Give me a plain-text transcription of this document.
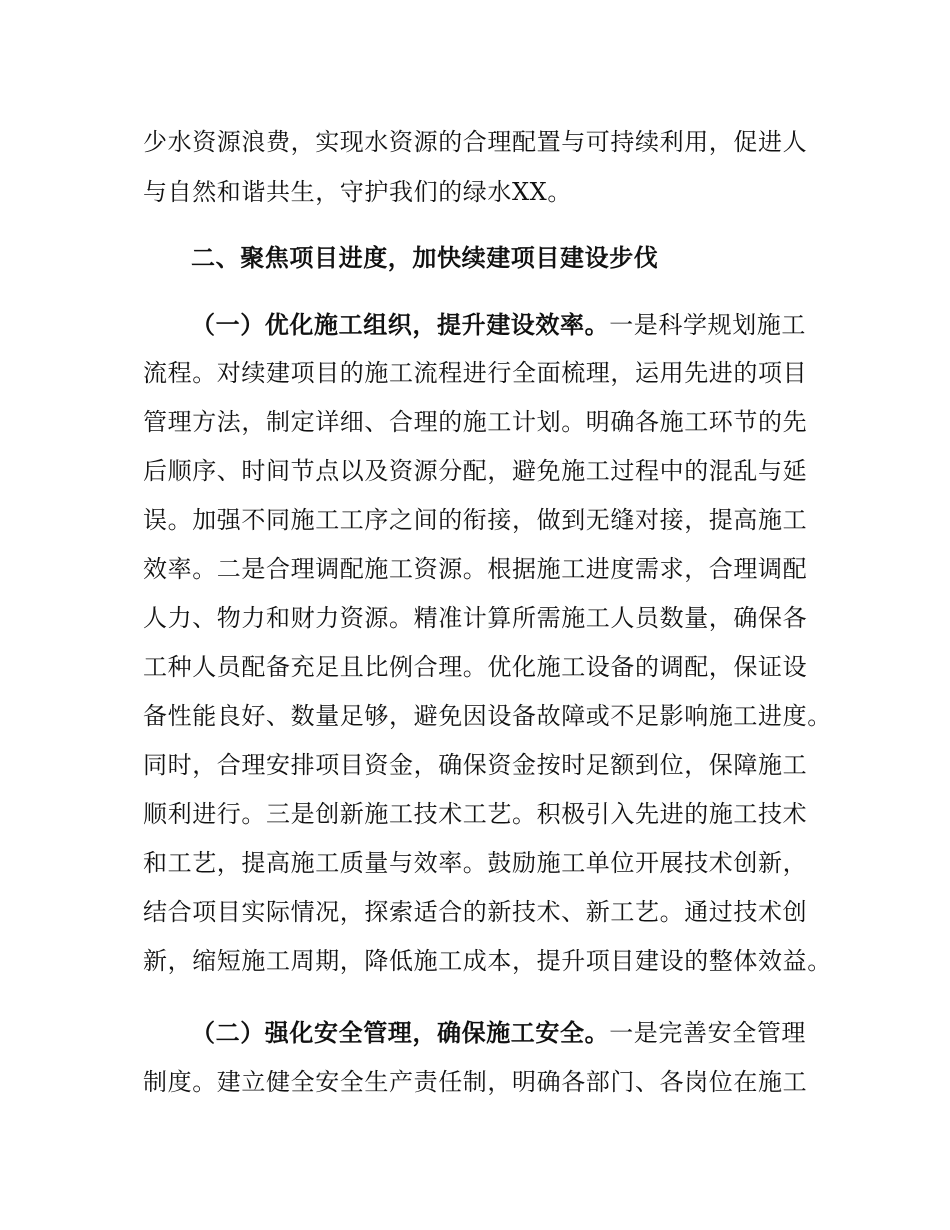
少水资源浪费，实现水资源的合理配置与可持续利用，促进人
与自然和谐共生，守护我们的绿水XX。
二、聚焦项目进度，加快续建项目建设步伐
（一）优化施工组织，提升建设效率。一是科学规划施工
流程。对续建项目的施工流程进行全面梳理，运用先进的项目
管理方法，制定详细、合理的施工计划。明确各施工环节的先
后顺序、时间节点以及资源分配，避免施工过程中的混乱与延
误。加强不同施工工序之间的衔接，做到无缝对接，提高施工
效率。二是合理调配施工资源。根据施工进度需求，合理调配
人力、物力和财力资源。精准计算所需施工人员数量，确保各
工种人员配备充足且比例合理。优化施工设备的调配，保证设
备性能良好、数量足够，避免因设备故障或不足影响施工进度。
同时，合理安排项目资金，确保资金按时足额到位，保障施工
顺利进行。三是创新施工技术工艺。积极引入先进的施工技术
和工艺，提高施工质量与效率。鼓励施工单位开展技术创新，
结合项目实际情况，探索适合的新技术、新工艺。通过技术创
新，缩短施工周期，降低施工成本，提升项目建设的整体效益。
（二）强化安全管理，确保施工安全。一是完善安全管理
制度。建立健全安全生产责任制，明确各部门、各岗位在施工
